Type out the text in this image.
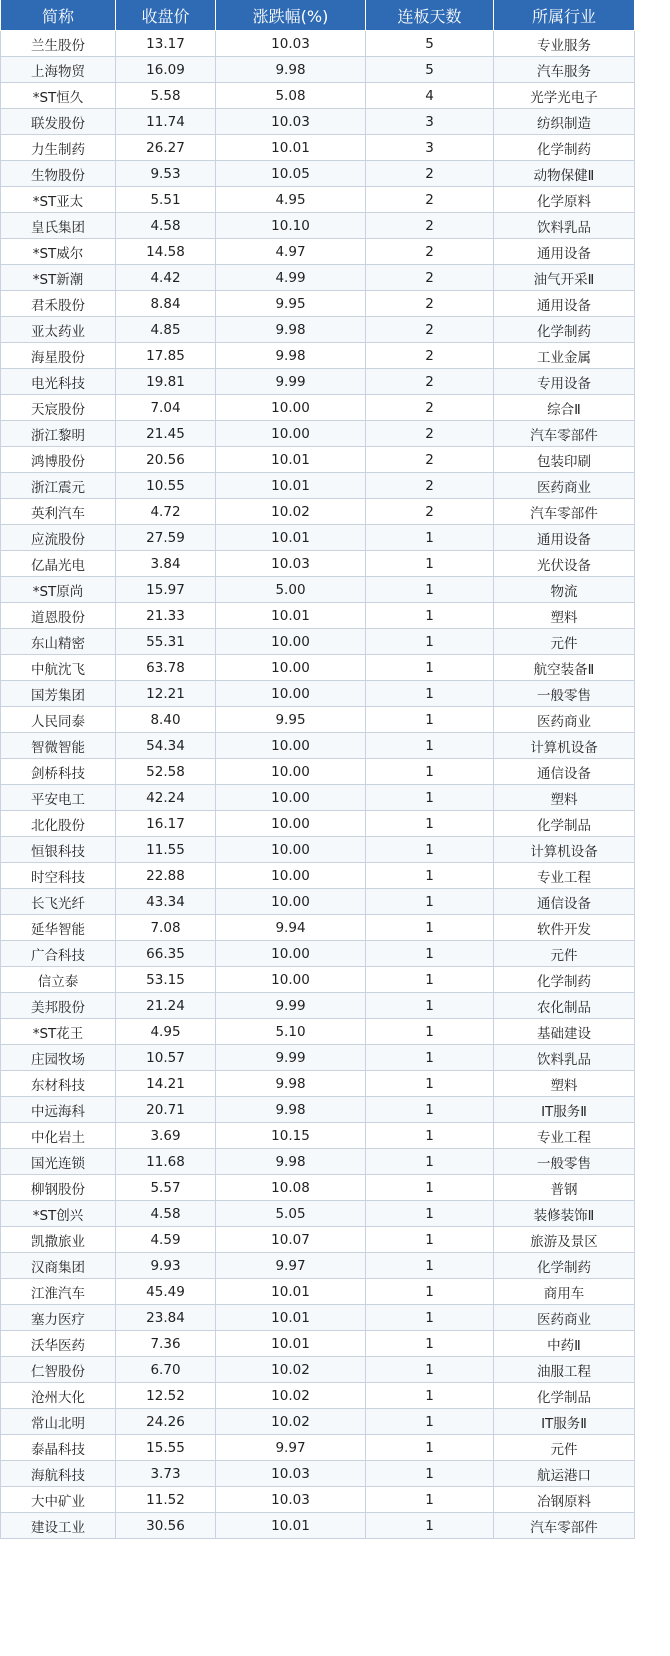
简称	收盘价	涨跌幅(%)	连板天数	所属行业
兰生股份	13.17	10.03	5	专业服务
上海物贸	16.09	9.98	5	汽车服务
*ST恒久	5.58	5.08	4	光学光电子
联发股份	11.74	10.03	3	纺织制造
力生制药	26.27	10.01	3	化学制药
生物股份	9.53	10.05	2	动物保健Ⅱ
*ST亚太	5.51	4.95	2	化学原料
皇氏集团	4.58	10.10	2	饮料乳品
*ST威尔	14.58	4.97	2	通用设备
*ST新潮	4.42	4.99	2	油气开采Ⅱ
君禾股份	8.84	9.95	2	通用设备
亚太药业	4.85	9.98	2	化学制药
海星股份	17.85	9.98	2	工业金属
电光科技	19.81	9.99	2	专用设备
天宸股份	7.04	10.00	2	综合Ⅱ
浙江黎明	21.45	10.00	2	汽车零部件
鸿博股份	20.56	10.01	2	包装印刷
浙江震元	10.55	10.01	2	医药商业
英利汽车	4.72	10.02	2	汽车零部件
应流股份	27.59	10.01	1	通用设备
亿晶光电	3.84	10.03	1	光伏设备
*ST原尚	15.97	5.00	1	物流
道恩股份	21.33	10.01	1	塑料
东山精密	55.31	10.00	1	元件
中航沈飞	63.78	10.00	1	航空装备Ⅱ
国芳集团	12.21	10.00	1	一般零售
人民同泰	8.40	9.95	1	医药商业
智微智能	54.34	10.00	1	计算机设备
剑桥科技	52.58	10.00	1	通信设备
平安电工	42.24	10.00	1	塑料
北化股份	16.17	10.00	1	化学制品
恒银科技	11.55	10.00	1	计算机设备
时空科技	22.88	10.00	1	专业工程
长飞光纤	43.34	10.00	1	通信设备
延华智能	7.08	9.94	1	软件开发
广合科技	66.35	10.00	1	元件
信立泰	53.15	10.00	1	化学制药
美邦股份	21.24	9.99	1	农化制品
*ST花王	4.95	5.10	1	基础建设
庄园牧场	10.57	9.99	1	饮料乳品
东材科技	14.21	9.98	1	塑料
中远海科	20.71	9.98	1	IT服务Ⅱ
中化岩土	3.69	10.15	1	专业工程
国光连锁	11.68	9.98	1	一般零售
柳钢股份	5.57	10.08	1	普钢
*ST创兴	4.58	5.05	1	装修装饰Ⅱ
凯撒旅业	4.59	10.07	1	旅游及景区
汉商集团	9.93	9.97	1	化学制药
江淮汽车	45.49	10.01	1	商用车
塞力医疗	23.84	10.01	1	医药商业
沃华医药	7.36	10.01	1	中药Ⅱ
仁智股份	6.70	10.02	1	油服工程
沧州大化	12.52	10.02	1	化学制品
常山北明	24.26	10.02	1	IT服务Ⅱ
泰晶科技	15.55	9.97	1	元件
海航科技	3.73	10.03	1	航运港口
大中矿业	11.52	10.03	1	冶钢原料
建设工业	30.56	10.01	1	汽车零部件
